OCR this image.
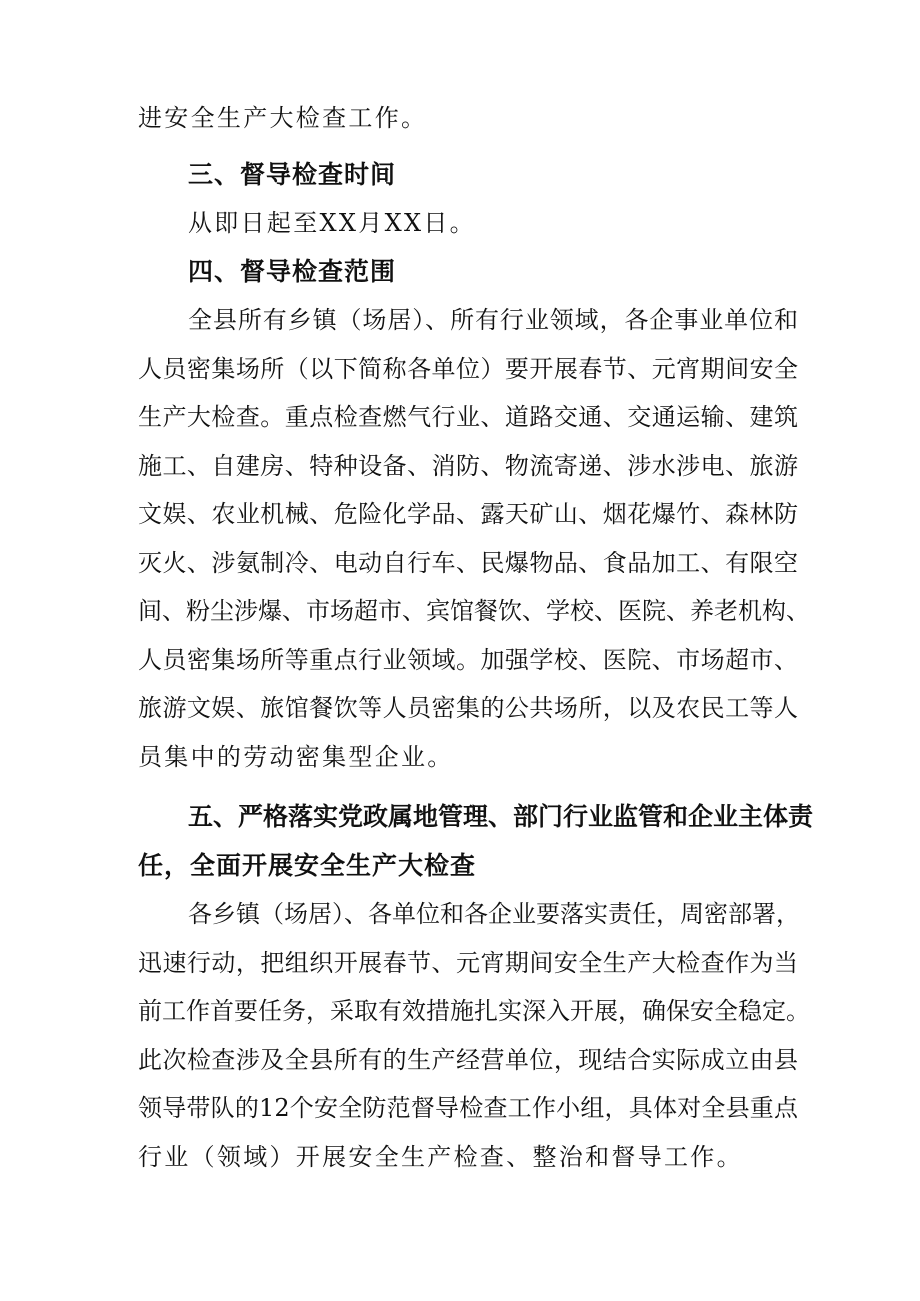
进安全生产大检查工作。
三、督导检查时间
从即日起至XX月XX日。
四、督导检查范围
全县所有乡镇（场居）、所有行业领域，各企事业单位和
人员密集场所（以下简称各单位）要开展春节、元宵期间安全
生产大检查。重点检查燃气行业、道路交通、交通运输、建筑
施工、自建房、特种设备、消防、物流寄递、涉水涉电、旅游
文娱、农业机械、危险化学品、露天矿山、烟花爆竹、森林防
灭火、涉氨制冷、电动自行车、民爆物品、食品加工、有限空
间、粉尘涉爆、市场超市、宾馆餐饮、学校、医院、养老机构、
人员密集场所等重点行业领域。加强学校、医院、市场超市、
旅游文娱、旅馆餐饮等人员密集的公共场所，以及农民工等人
员集中的劳动密集型企业。
五、严格落实党政属地管理、部门行业监管和企业主体责
任，全面开展安全生产大检查
各乡镇（场居）、各单位和各企业要落实责任，周密部署，
迅速行动，把组织开展春节、元宵期间安全生产大检查作为当
前工作首要任务，采取有效措施扎实深入开展，确保安全稳定。
此次检查涉及全县所有的生产经营单位，现结合实际成立由县
领导带队的12个安全防范督导检查工作小组，具体对全县重点
行业（领域）开展安全生产检查、整治和督导工作。
